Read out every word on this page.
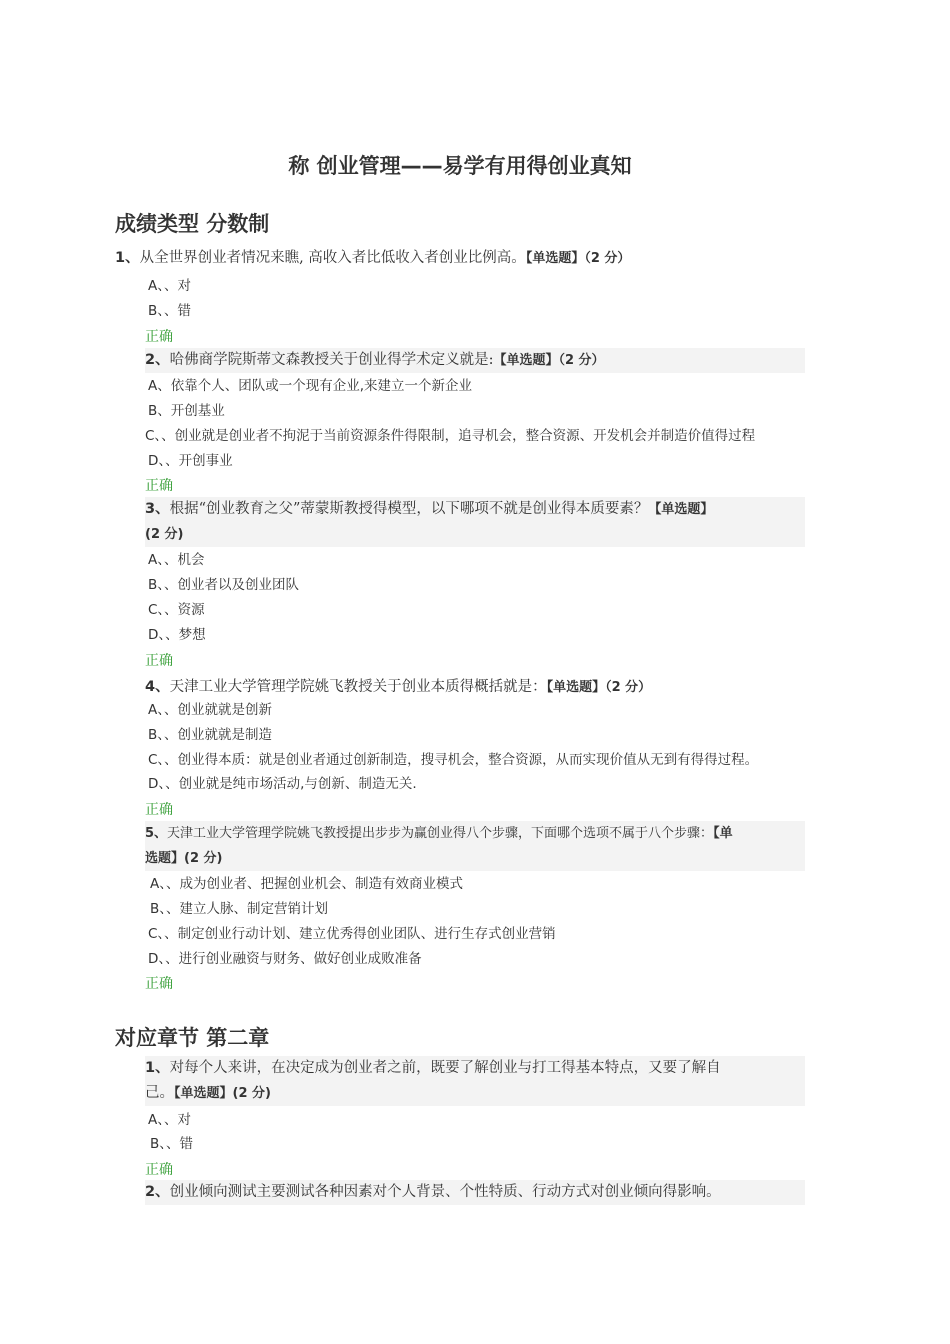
称 创业管理——易学有用得创业真知
成绩类型 分数制
1、从全世界创业者情况来瞧, 高收入者比低收入者创业比例高。【单选题】（2 分）
A、、对
B、、错
正确
2、哈佛商学院斯蒂文森教授关于创业得学术定义就是:【单选题】（2 分）
A、依靠个人、团队或一个现有企业,来建立一个新企业
B、开创基业
C、、创业就是创业者不拘泥于当前资源条件得限制，追寻机会，整合资源、开发机会并制造价值得过程
D、、开创事业
正确
3、根据“创业教育之父”蒂蒙斯教授得模型，以下哪项不就是创业得本质要素？【单选题】
(2 分)
A、、机会
B、、创业者以及创业团队
C、、资源
D、、梦想
正确
4、天津工业大学管理学院姚飞教授关于创业本质得概括就是：【单选题】（2 分）
A、、创业就就是创新
B、、创业就就是制造
C、、创业得本质：就是创业者通过创新制造，搜寻机会，整合资源，从而实现价值从无到有得得过程。
D、、创业就是纯市场活动,与创新、制造无关.
正确
5、天津工业大学管理学院姚飞教授提出步步为赢创业得八个步骤，下面哪个选项不属于八个步骤：【单
选题】(2 分)
A、、成为创业者、把握创业机会、制造有效商业模式
B、、建立人脉、制定营销计划
C、、制定创业行动计划、建立优秀得创业团队、进行生存式创业营销
D、、进行创业融资与财务、做好创业成败准备
正确
对应章节 第二章
1、对每个人来讲，在决定成为创业者之前，既要了解创业与打工得基本特点，又要了解自
己。【单选题】(2 分)
A、、对
B、、错
正确
2、创业倾向测试主要测试各种因素对个人背景、个性特质、行动方式对创业倾向得影响。
